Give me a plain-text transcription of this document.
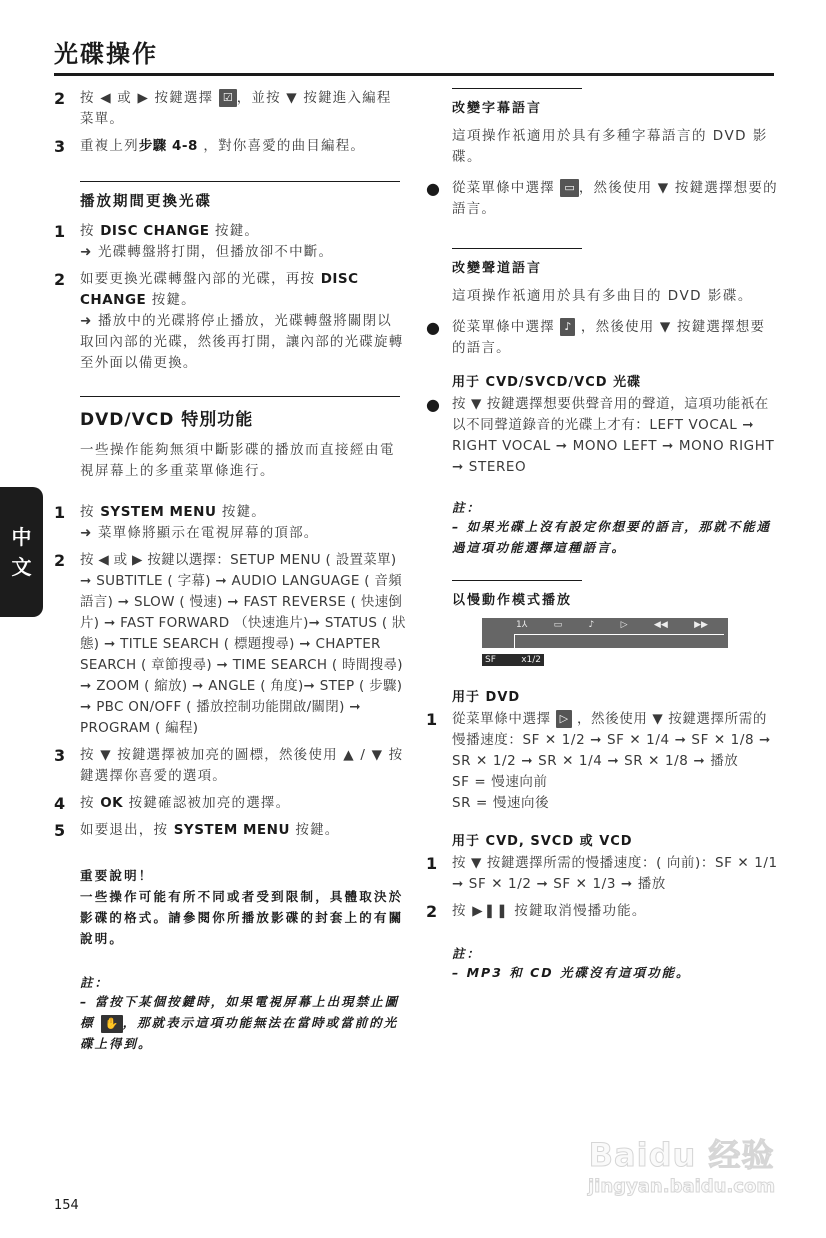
光碟操作
中
文
2 按 ◀ 或 ▶ 按鍵選擇 ☑ ，並按 ▼ 按鍵進入編程菜單。
3 重複上列步驟 4-8 ，對你喜愛的曲目編程。
播放期間更換光碟
1 按 DISC CHANGE 按鍵。
➜ 光碟轉盤將打開，但播放卻不中斷。
2 如要更換光碟轉盤內部的光碟，再按 DISC CHANGE 按鍵。
➜ 播放中的光碟將停止播放，光碟轉盤將關閉以取回內部的光碟，然後再打開，讓內部的光碟旋轉至外面以備更換。
DVD/VCD 特別功能
一些操作能夠無須中斷影碟的播放而直接經由電視屏幕上的多重菜單條進行。
1 按 SYSTEM MENU 按鍵。
➜ 菜單條將顯示在電視屏幕的頂部。
2 按 ◀ 或 ▶ 按鍵以選擇：SETUP MENU ( 設置菜單) ➞ SUBTITLE ( 字幕) ➞ AUDIO LANGUAGE ( 音頻語言) ➞ SLOW ( 慢速) ➞ FAST REVERSE ( 快速倒片) ➞ FAST FORWARD （快速進片)➞ STATUS ( 狀態) ➞ TITLE SEARCH ( 標題搜尋) ➞ CHAPTER SEARCH ( 章節搜尋) ➞ TIME SEARCH ( 時間搜尋) ➞ ZOOM ( 縮放) ➞ ANGLE ( 角度)➞ STEP ( 步驟) ➞ PBC ON/OFF ( 播放控制功能開啟/關閉) ➞ PROGRAM ( 編程)
3 按 ▼ 按鍵選擇被加亮的圖標，然後使用 ▲ / ▼ 按鍵選擇你喜愛的選項。
4 按 OK 按鍵確認被加亮的選擇。
5 如要退出，按 SYSTEM MENU 按鍵。
重要說明！
一些操作可能有所不同或者受到限制，具體取決於影碟的格式。請參閱你所播放影碟的封套上的有關說明。
註：
– 當按下某個按鍵時，如果電視屏幕上出現禁止圖標 ✋ ，那就表示這項功能無法在當時或當前的光碟上得到。
改變字幕語言
這項操作祇適用於具有多種字幕語言的 DVD 影碟。
● 從菜單條中選擇 ▭ ，然後使用 ▼ 按鍵選擇想要的語言。
改變聲道語言
這項操作祇適用於具有多曲目的 DVD 影碟。
● 從菜單條中選擇 ♪ ，然後使用 ▼ 按鍵選擇想要的語言。
用于 CVD/SVCD/VCD 光碟
● 按 ▼ 按鍵選擇想要供聲音用的聲道，這項功能祇在以不同聲道錄音的光碟上才有：LEFT VOCAL ➞ RIGHT VOCAL ➞ MONO LEFT ➞ MONO RIGHT ➞ STEREO
註：
– 如果光碟上沒有設定你想要的語言，那就不能通過這項功能選擇這種語言。
以慢動作模式播放
1⅄	▭	♪	▷	◀◀	▶▶
SF	x1/2
用于 DVD
1 從菜單條中選擇 ▷ ，然後使用 ▼ 按鍵選擇所需的慢播速度：SF ✕ 1/2 ➞ SF ✕ 1/4 ➞ SF ✕ 1/8 ➞ SR ✕ 1/2 ➞ SR ✕ 1/4 ➞ SR ✕ 1/8 ➞ 播放
SF = 慢速向前
SR = 慢速向後
用于 CVD, SVCD 或 VCD
1 按 ▼ 按鍵選擇所需的慢播速度：( 向前)：SF ✕ 1/1 ➞ SF ✕ 1/2 ➞ SF ✕ 1/3 ➞ 播放
2 按 ▶❚❚ 按鍵取消慢播功能。
註：
– MP3 和 CD 光碟沒有這項功能。
154
Baidu 经验
jingyan.baidu.com
